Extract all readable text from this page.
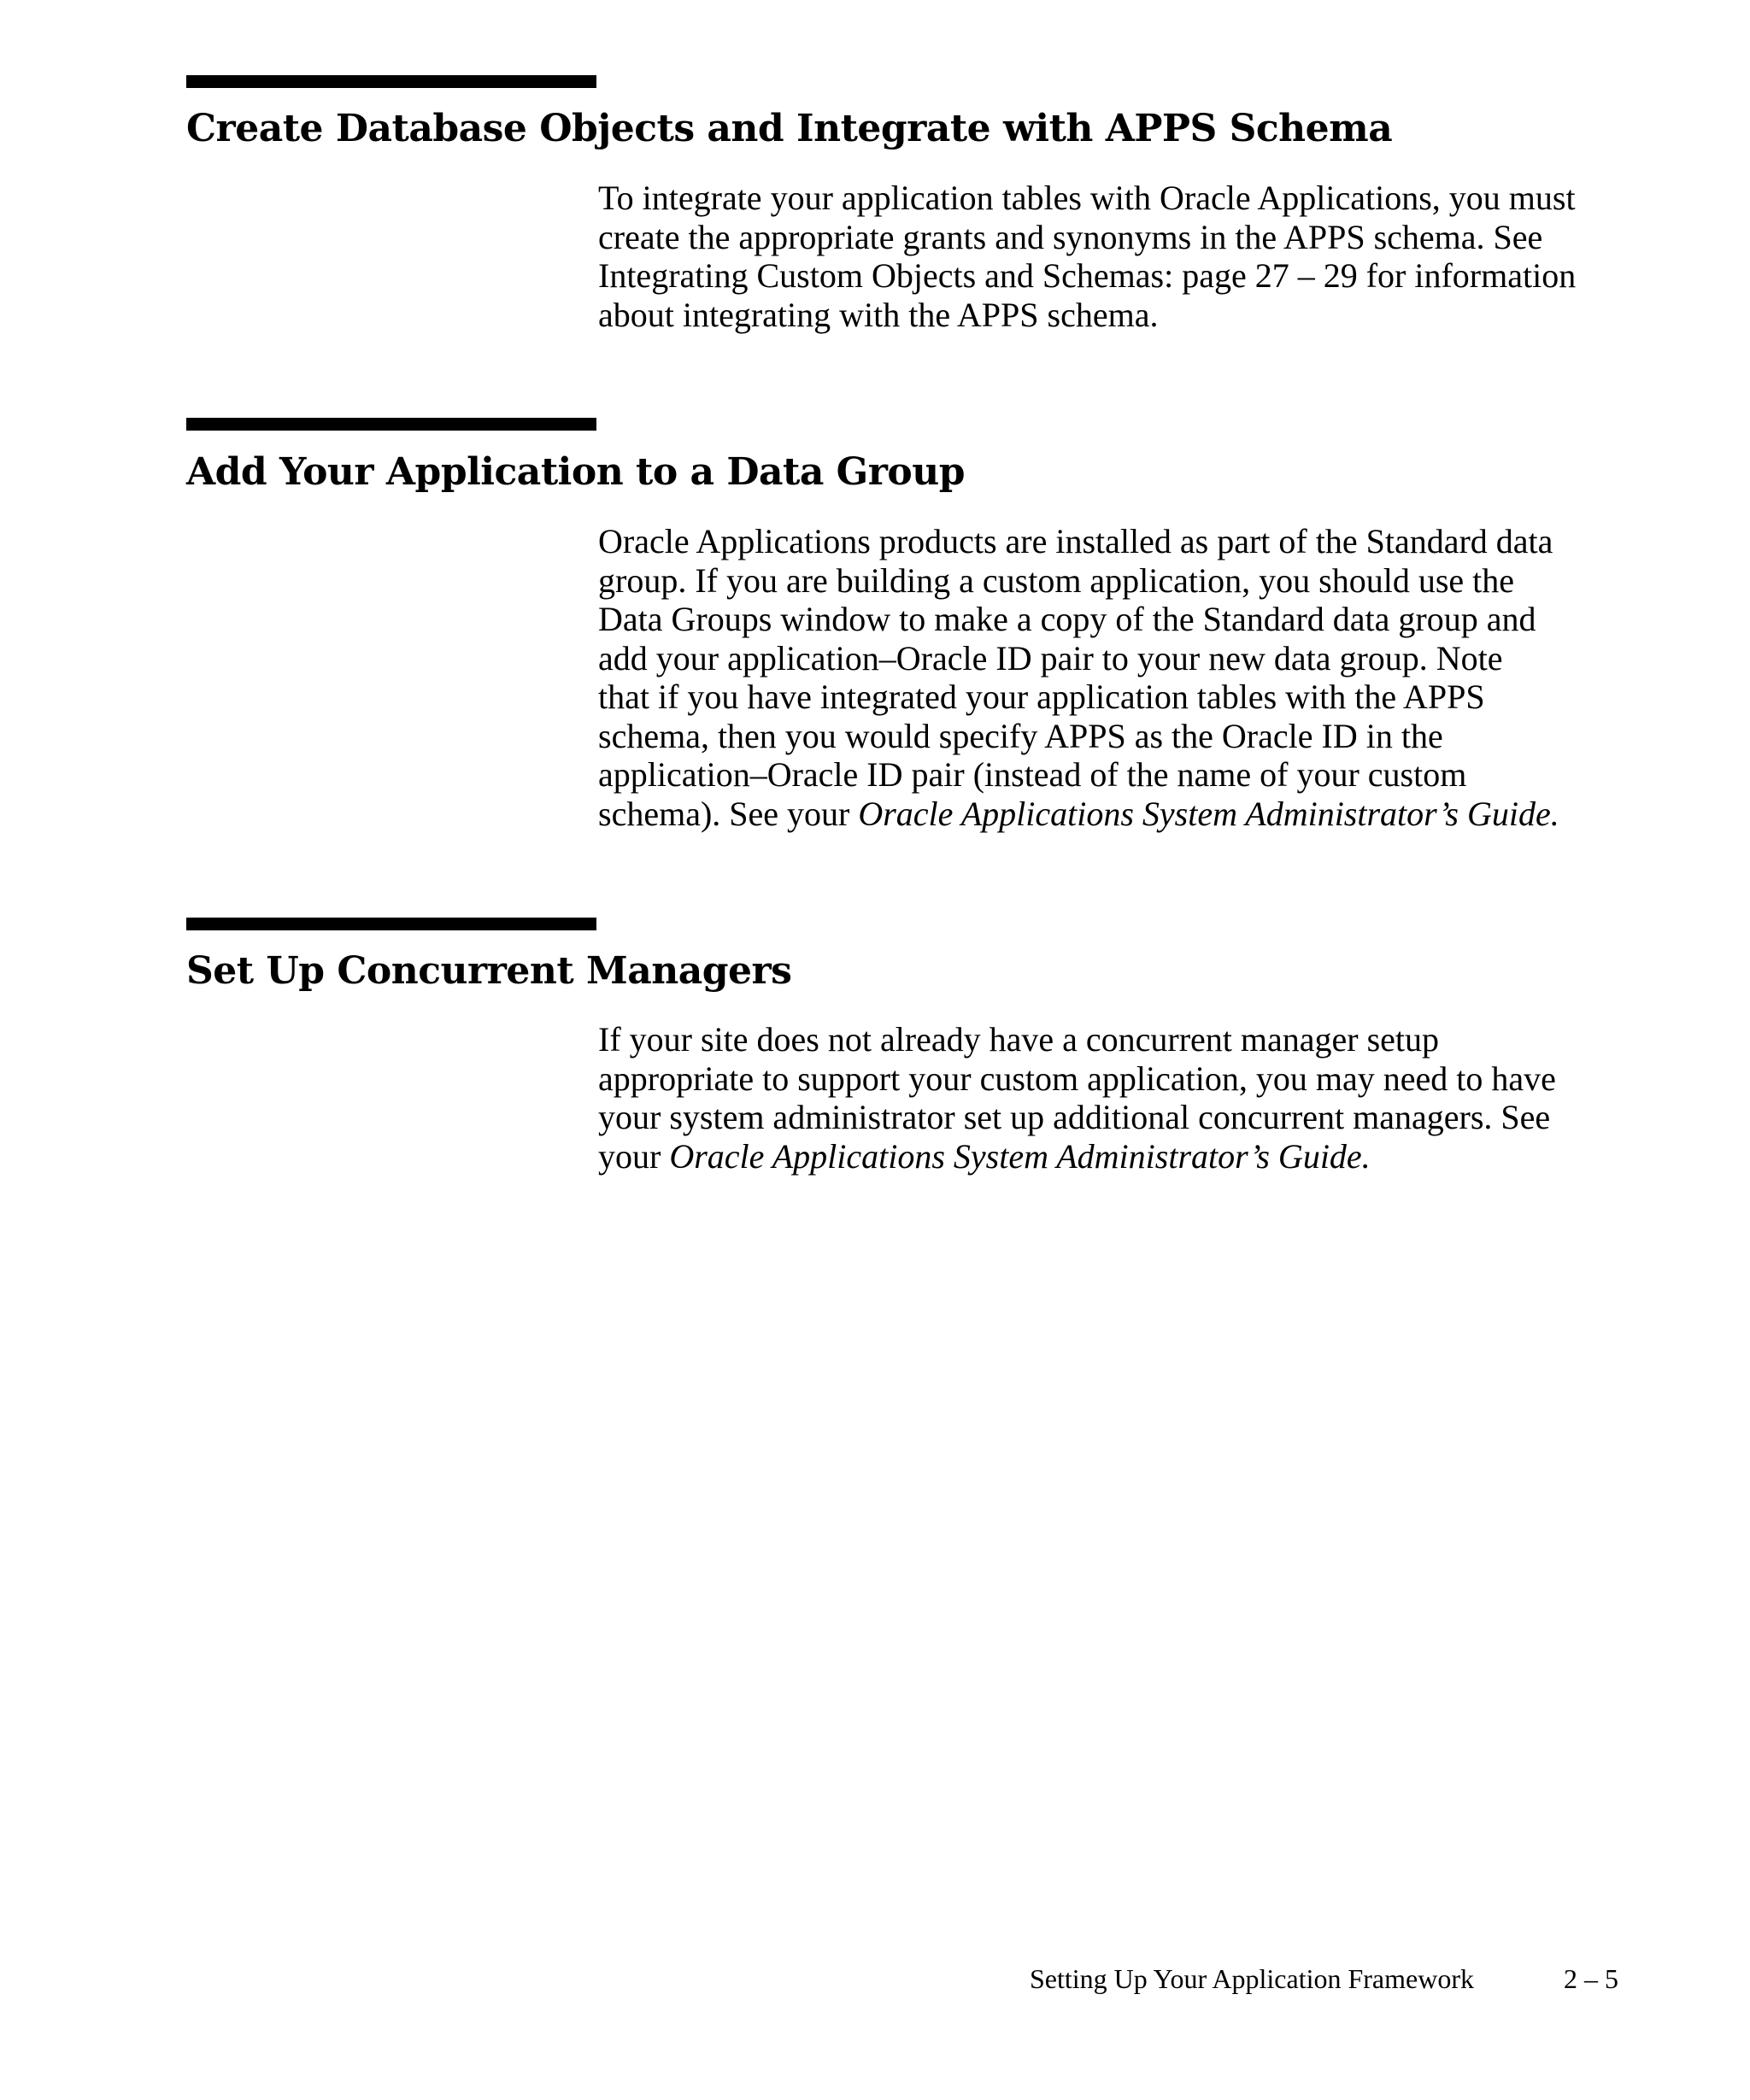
Create Database Objects and Integrate with APPS Schema
To integrate your application tables with Oracle Applications, you must
create the appropriate grants and synonyms in the APPS schema. See
Integrating Custom Objects and Schemas: page 27 – 29 for information
about integrating with the APPS schema.
Add Your Application to a Data Group
Oracle Applications products are installed as part of the Standard data
group. If you are building a custom application, you should use the
Data Groups window to make a copy of the Standard data group and
add your application–Oracle ID pair to your new data group. Note
that if you have integrated your application tables with the APPS
schema, then you would specify APPS as the Oracle ID in the
application–Oracle ID pair (instead of the name of your custom
schema). See your Oracle Applications System Administrator’s Guide.
Set Up Concurrent Managers
If your site does not already have a concurrent manager setup
appropriate to support your custom application, you may need to have
your system administrator set up additional concurrent managers. See
your Oracle Applications System Administrator’s Guide.
Setting Up Your Application Framework	2 – 5
